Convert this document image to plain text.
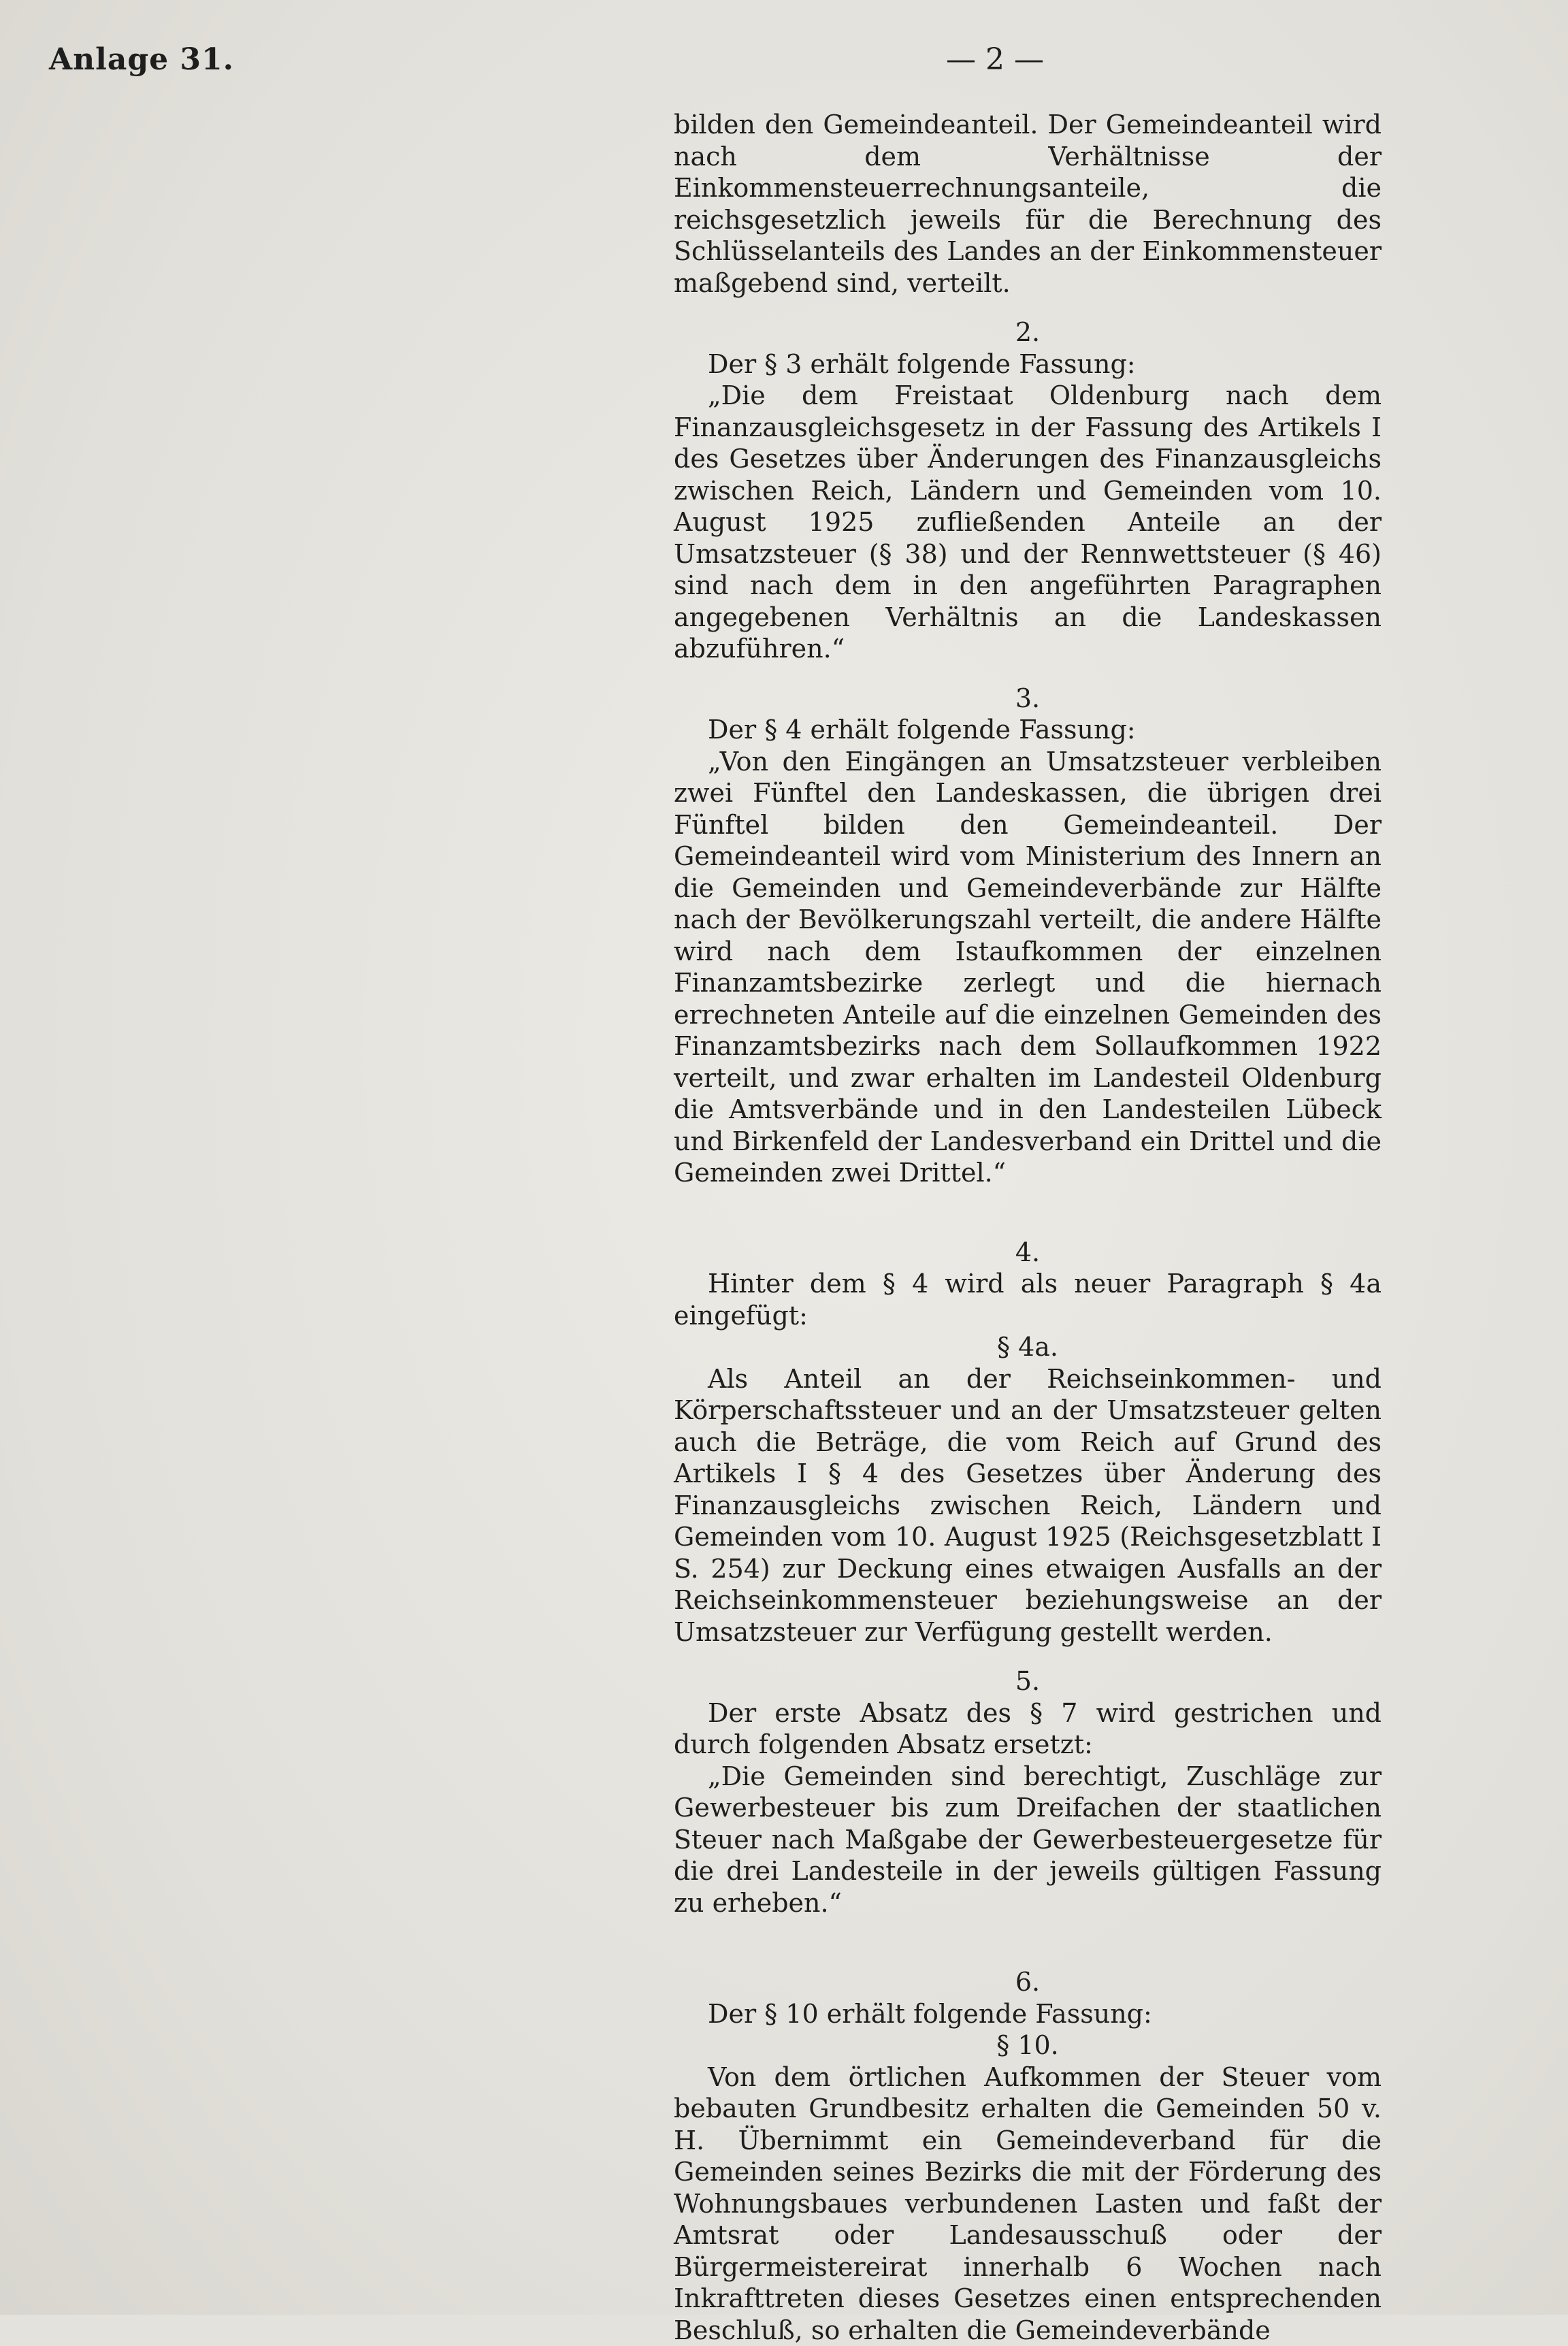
Anlage 31.	— 2 —

bilden den Gemeindeanteil. Der Gemeindeanteil wird nach dem Verhältnisse der Einkommensteuerrechnungsanteile, die reichsgesetzlich jeweils für die Berechnung des Schlüsselanteils des Landes an der Einkommensteuer maßgebend sind, verteilt.

2.

Der § 3 erhält folgende Fassung:

„Die dem Freistaat Oldenburg nach dem Finanzausgleichsgesetz in der Fassung des Artikels I des Gesetzes über Änderungen des Finanzausgleichs zwischen Reich, Ländern und Gemeinden vom 10. August 1925 zufließenden Anteile an der Umsatzsteuer (§ 38) und der Rennwettsteuer (§ 46) sind nach dem in den angeführten Paragraphen angegebenen Verhältnis an die Landeskassen abzuführen.“

3.

Der § 4 erhält folgende Fassung:

„Von den Eingängen an Umsatzsteuer verbleiben zwei Fünftel den Landeskassen, die übrigen drei Fünftel bilden den Gemeindeanteil. Der Gemeindeanteil wird vom Ministerium des Innern an die Gemeinden und Gemeindeverbände zur Hälfte nach der Bevölkerungszahl verteilt, die andere Hälfte wird nach dem Istaufkommen der einzelnen Finanzamtsbezirke zerlegt und die hiernach errechneten Anteile auf die einzelnen Gemeinden des Finanzamtsbezirks nach dem Sollaufkommen 1922 verteilt, und zwar erhalten im Landesteil Oldenburg die Amtsverbände und in den Landesteilen Lübeck und Birkenfeld der Landesverband ein Drittel und die Gemeinden zwei Drittel.“

4.

Hinter dem § 4 wird als neuer Paragraph § 4a eingefügt:

§ 4a.

Als Anteil an der Reichseinkommen- und Körperschaftssteuer und an der Umsatzsteuer gelten auch die Beträge, die vom Reich auf Grund des Artikels I § 4 des Gesetzes über Änderung des Finanzausgleichs zwischen Reich, Ländern und Gemeinden vom 10. August 1925 (Reichsgesetzblatt I S. 254) zur Deckung eines etwaigen Ausfalls an der Reichseinkommensteuer beziehungsweise an der Umsatzsteuer zur Verfügung gestellt werden.

5.

Der erste Absatz des § 7 wird gestrichen und durch folgenden Absatz ersetzt:

„Die Gemeinden sind berechtigt, Zuschläge zur Gewerbesteuer bis zum Dreifachen der staatlichen Steuer nach Maßgabe der Gewerbesteuergesetze für die drei Landesteile in der jeweils gültigen Fassung zu erheben.“

6.

Der § 10 erhält folgende Fassung:

§ 10.

Von dem örtlichen Aufkommen der Steuer vom bebauten Grundbesitz erhalten die Gemeinden 50 v. H. Übernimmt ein Gemeindeverband für die Gemeinden seines Bezirks die mit der Förderung des Wohnungsbaues verbundenen Lasten und faßt der Amtsrat oder Landesausschuß oder der Bürgermeistereirat innerhalb 6 Wochen nach Inkrafttreten dieses Gesetzes einen entsprechenden Beschluß, so erhalten die Gemeindeverbände
